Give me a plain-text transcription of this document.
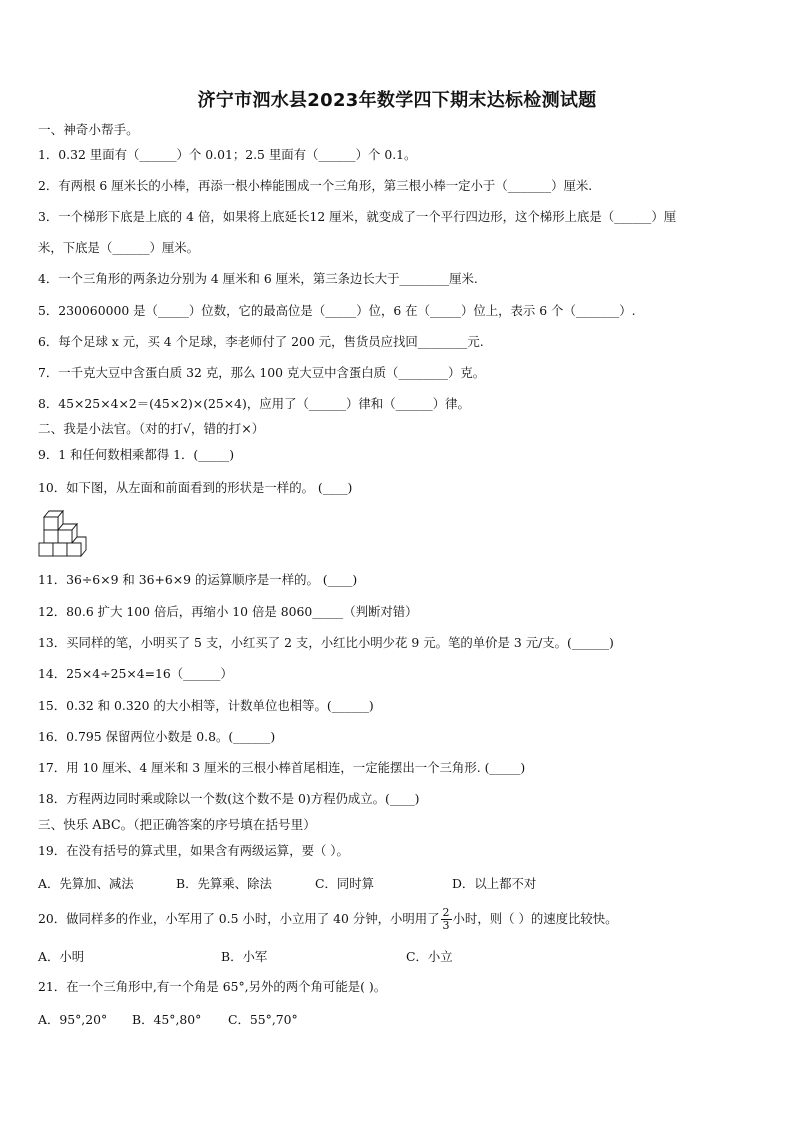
济宁市泗水县2023年数学四下期末达标检测试题
一、神奇小帮手。
1．0.32 里面有（______）个 0.01；2.5 里面有（______）个 0.1。
2．有两根 6 厘米长的小棒，再添一根小棒能围成一个三角形，第三根小棒一定小于（_______）厘米.
3．一个梯形下底是上底的 4 倍，如果将上底延长12 厘米，就变成了一个平行四边形，这个梯形上底是（______）厘
米，下底是（______）厘米。
4．一个三角形的两条边分别为 4 厘米和 6 厘米，第三条边长大于________厘米.
5．230060000 是（_____）位数，它的最高位是（_____）位，6 在（_____）位上，表示 6 个（_______）.
6．每个足球 x 元，买 4 个足球，李老师付了 200 元，售货员应找回________元.
7．一千克大豆中含蛋白质 32 克，那么 100 克大豆中含蛋白质（________）克。
8．45×25×4×2＝(45×2)×(25×4)，应用了（______）律和（______）律。
二、我是小法官。（对的打√，错的打×）
9．1 和任何数相乘都得 1．(_____)
10．如下图，从左面和前面看到的形状是一样的。 (____)
11．36÷6×9 和 36+6×9 的运算顺序是一样的。 (____)
12．80.6 扩大 100 倍后，再缩小 10 倍是 8060_____（判断对错）
13．买同样的笔，小明买了 5 支，小红买了 2 支，小红比小明少花 9 元。笔的单价是 3 元/支。(______)
14．25×4÷25×4=16（______）
15．0.32 和 0.320 的大小相等，计数单位也相等。(______)
16．0.795 保留两位小数是 0.8。(______)
17．用 10 厘米、4 厘米和 3 厘米的三根小棒首尾相连，一定能摆出一个三角形. (_____)
18．方程两边同时乘或除以一个数(这个数不是 0)方程仍成立。(____)
三、快乐 ABC。（把正确答案的序号填在括号里）
19．在没有括号的算式里，如果含有两级运算，要（ ）。
A．先算加、减法	B．先算乘、除法	C．同时算	D．以上都不对
20．做同样多的作业，小军用了 0.5 小时，小立用了 40 分钟，小明用了 $\frac{2}{3}$ 小时，则（ ）的速度比较快。
A．小明	B．小军	C．小立
21．在一个三角形中,有一个角是 65°,另外的两个角可能是( )。
A．95°,20° B．45°,80° C．55°,70°
